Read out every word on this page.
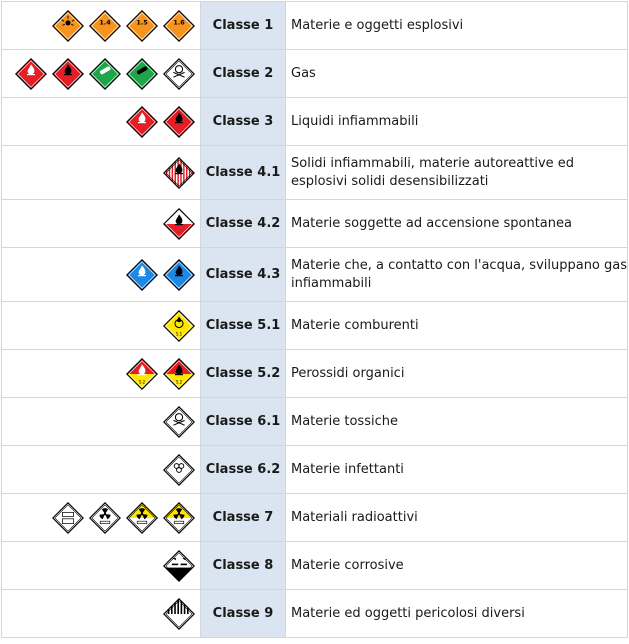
1.4 1.5 1.6	Classe 1	Materie e oggetti esplosivi
	Classe 2	Gas
	Classe 3	Liquidi infiammabili
	Classe 4.1	Solidi infiammabili, materie autoreattive ed esplosivi solidi desensibilizzati
	Classe 4.2	Materie soggette ad accensione spontanea
	Classe 4.3	Materie che, a contatto con l'acqua, sviluppano gas infiammabili

5.1	Classe 5.1	Materie comburenti

5.2 5.2	Classe 5.2	Perossidi organici
	Classe 6.1	Materie tossiche
	Classe 6.2	Materie infettanti
	Classe 7	Materiali radioattivi
	Classe 8	Materie corrosive
	Classe 9	Materie ed oggetti pericolosi diversi
